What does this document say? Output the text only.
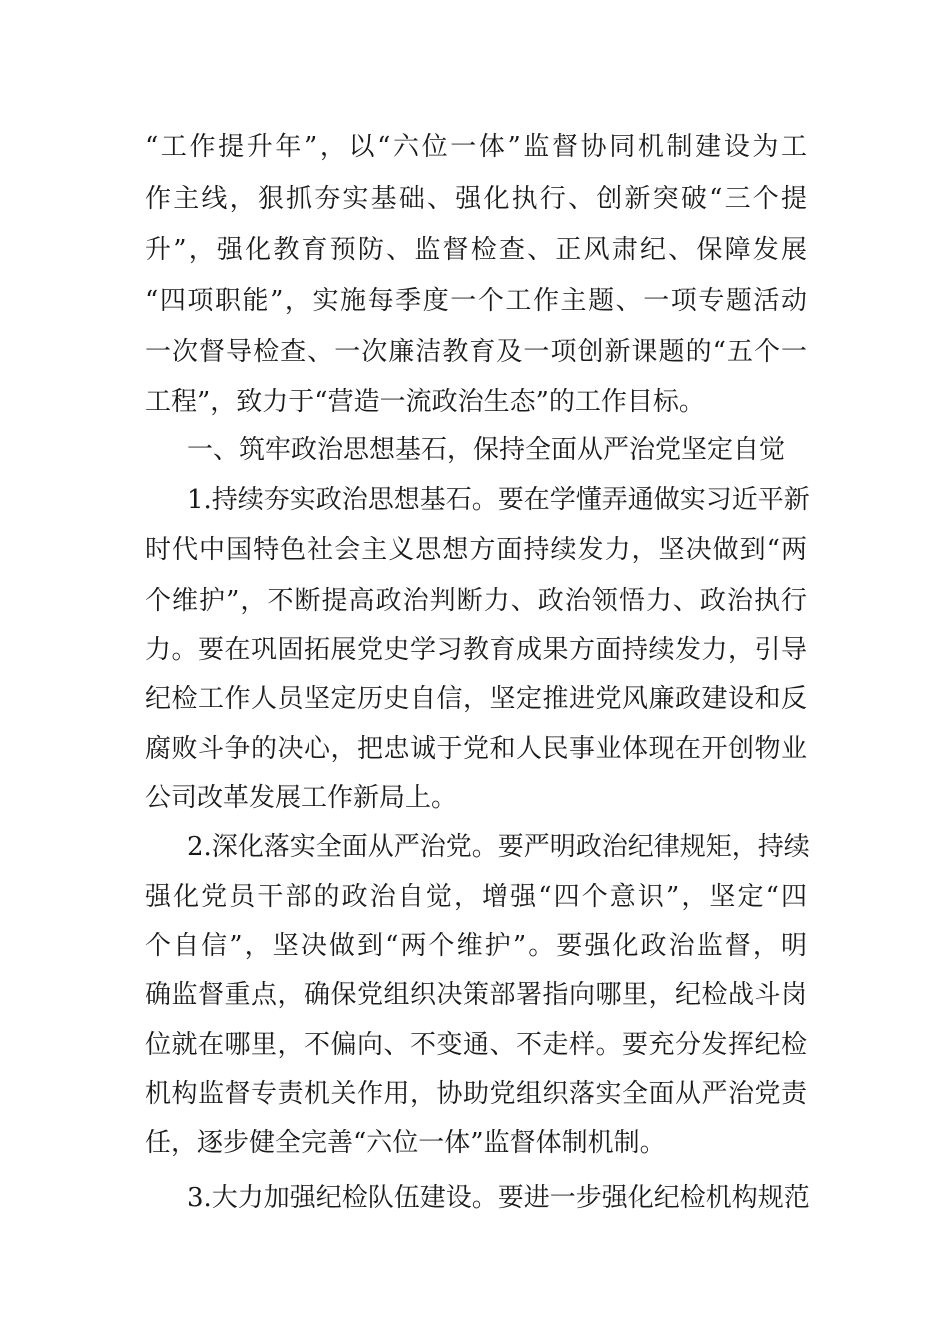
“工作提升年”，以“六位一体”监督协同机制建设为工
作主线，狠抓夯实基础、强化执行、创新突破“三个提
升”，强化教育预防、监督检查、正风肃纪、保障发展
“四项职能”，实施每季度一个工作主题、一项专题活动
一次督导检查、一次廉洁教育及一项创新课题的“五个一
工程”，致力于“营造一流政治生态”的工作目标。
一、筑牢政治思想基石，保持全面从严治党坚定自觉
1.持续夯实政治思想基石。要在学懂弄通做实习近平新
时代中国特色社会主义思想方面持续发力，坚决做到“两
个维护”，不断提高政治判断力、政治领悟力、政治执行
力。要在巩固拓展党史学习教育成果方面持续发力，引导
纪检工作人员坚定历史自信，坚定推进党风廉政建设和反
腐败斗争的决心，把忠诚于党和人民事业体现在开创物业
公司改革发展工作新局上。
2.深化落实全面从严治党。要严明政治纪律规矩，持续
强化党员干部的政治自觉，增强“四个意识”，坚定“四
个自信”，坚决做到“两个维护”。要强化政治监督，明
确监督重点，确保党组织决策部署指向哪里，纪检战斗岗
位就在哪里，不偏向、不变通、不走样。要充分发挥纪检
机构监督专责机关作用，协助党组织落实全面从严治党责
任，逐步健全完善“六位一体”监督体制机制。
3.大力加强纪检队伍建设。要进一步强化纪检机构规范
